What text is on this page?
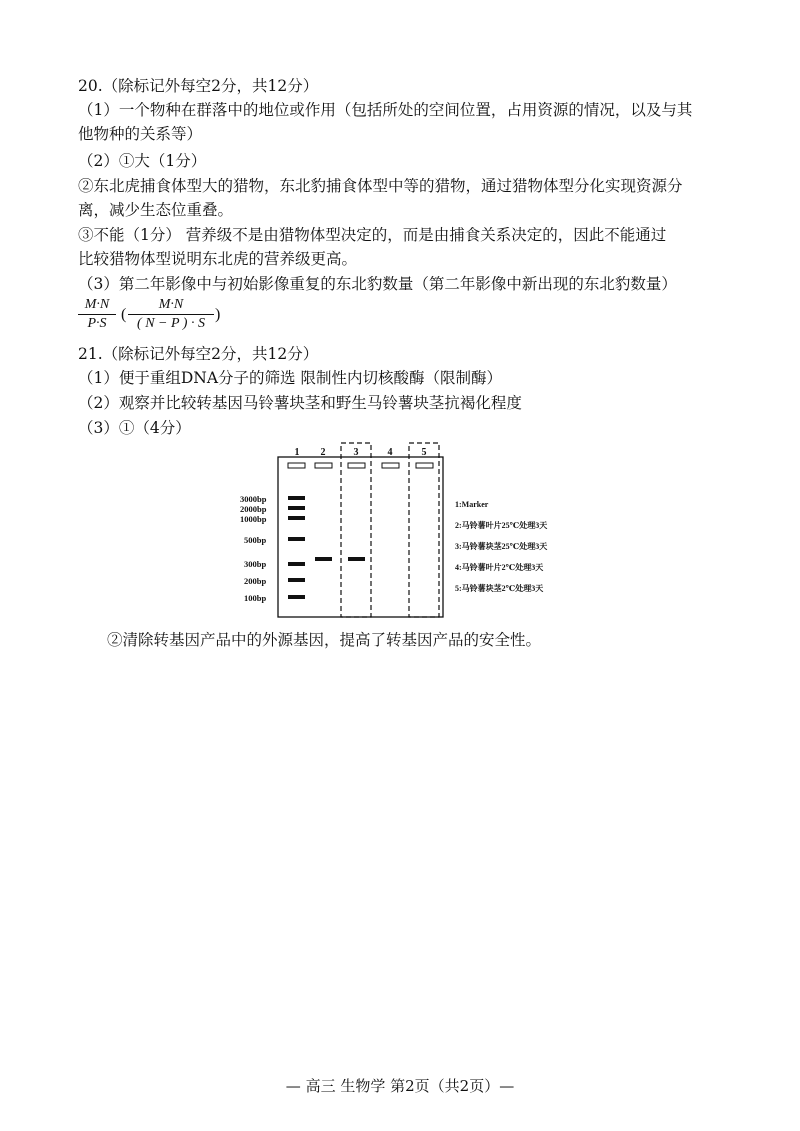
20.（除标记外每空2分，共12分）
（1）一个物种在群落中的地位或作用（包括所处的空间位置，占用资源的情况，以及与其
他物种的关系等）
（2）①大（1分）
②东北虎捕食体型大的猎物，东北豹捕食体型中等的猎物，通过猎物体型分化实现资源分
离，减少生态位重叠。
③不能（1分） 营养级不是由猎物体型决定的，而是由捕食关系决定的，因此不能通过
比较猎物体型说明东北虎的营养级更高。
（3）第二年影像中与初始影像重复的东北豹数量（第二年影像中新出现的东北豹数量）
M·N
P·S
(
M·N
( N − P ) · S
)
21.（除标记外每空2分，共12分）
（1）便于重组DNA分子的筛选 限制性内切核酸酶（限制酶）
（2）观察并比较转基因马铃薯块茎和野生马铃薯块茎抗褐化程度
（3）①（4分）
1 2	3	4	5
3000bp
2000bp
1000bp
500bp
300bp
200bp
100bp
1:Marker
2:马铃薯叶片25℃处理3天
3:马铃薯块茎25℃处理3天
4:马铃薯叶片2℃处理3天
5:马铃薯块茎2℃处理3天
②清除转基因产品中的外源基因，提高了转基因产品的安全性。
— 高三 生物学 第2页（共2页）—
